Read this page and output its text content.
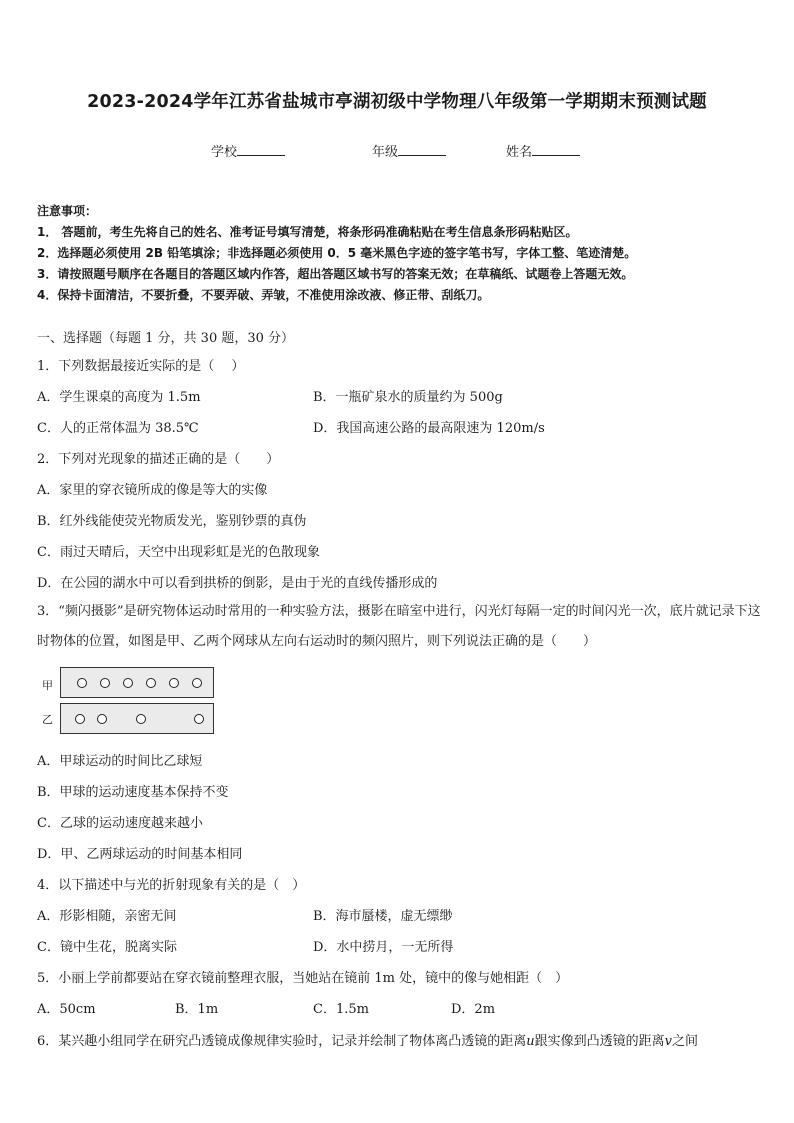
2023-2024学年江苏省盐城市亭湖初级中学物理八年级第一学期期末预测试题
学校	年级	姓名
注意事项：
1． 答题前，考生先将自己的姓名、准考证号填写清楚，将条形码准确粘贴在考生信息条形码粘贴区。
2．选择题必须使用 2B 铅笔填涂；非选择题必须使用 0．5 毫米黑色字迹的签字笔书写，字体工整、笔迹清楚。
3．请按照题号顺序在各题目的答题区域内作答，超出答题区域书写的答案无效；在草稿纸、试题卷上答题无效。
4．保持卡面清洁，不要折叠，不要弄破、弄皱，不准使用涂改液、修正带、刮纸刀。
一、选择题（每题 1 分，共 30 题，30 分）
1．下列数据最接近实际的是（　 ）
A．学生课桌的高度为 1.5m	B．一瓶矿泉水的质量约为 500g
C．人的正常体温为 38.5℃	D．我国高速公路的最高限速为 120m/s
2．下列对光现象的描述正确的是（　　）
A．家里的穿衣镜所成的像是等大的实像
B．红外线能使荧光物质发光，鉴别钞票的真伪
C．雨过天晴后，天空中出现彩虹是光的色散现象
D．在公园的湖水中可以看到拱桥的倒影，是由于光的直线传播形成的
3．“频闪摄影”是研究物体运动时常用的一种实验方法，摄影在暗室中进行，闪光灯每隔一定的时间闪光一次，底片就记录下这时物体的位置，如图是甲、乙两个网球从左向右运动时的频闪照片，则下列说法正确的是（　　）
甲
乙
A．甲球运动的时间比乙球短
B．甲球的运动速度基本保持不变
C．乙球的运动速度越来越小
D．甲、乙两球运动的时间基本相同
4．以下描述中与光的折射现象有关的是（　）
A．形影相随，亲密无间	B．海市蜃楼，虚无缥缈
C．镜中生花，脱离实际	D．水中捞月，一无所得
5．小丽上学前都要站在穿衣镜前整理衣服，当她站在镜前 1m 处，镜中的像与她相距（　）
A．50cm	B．1m	C．1.5m	D．2m
6．某兴趣小组同学在研究凸透镜成像规律实验时，记录并绘制了物体离凸透镜的距离u跟实像到凸透镜的距离v之间
